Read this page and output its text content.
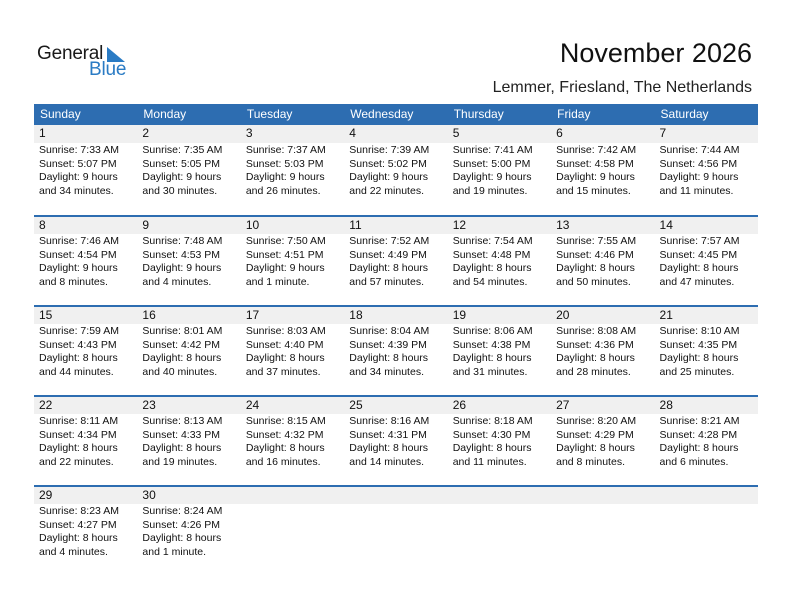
General
Blue
November 2026
Lemmer, Friesland, The Netherlands
Sunday	Monday	Tuesday	Wednesday	Thursday	Friday	Saturday
1	2	3	4	5	6	7
Sunrise: 7:33 AM
Sunset: 5:07 PM
Daylight: 9 hours
and 34 minutes.
Sunrise: 7:35 AM
Sunset: 5:05 PM
Daylight: 9 hours
and 30 minutes.
Sunrise: 7:37 AM
Sunset: 5:03 PM
Daylight: 9 hours
and 26 minutes.
Sunrise: 7:39 AM
Sunset: 5:02 PM
Daylight: 9 hours
and 22 minutes.
Sunrise: 7:41 AM
Sunset: 5:00 PM
Daylight: 9 hours
and 19 minutes.
Sunrise: 7:42 AM
Sunset: 4:58 PM
Daylight: 9 hours
and 15 minutes.
Sunrise: 7:44 AM
Sunset: 4:56 PM
Daylight: 9 hours
and 11 minutes.
8	9	10	11	12	13	14
Sunrise: 7:46 AM
Sunset: 4:54 PM
Daylight: 9 hours
and 8 minutes.
Sunrise: 7:48 AM
Sunset: 4:53 PM
Daylight: 9 hours
and 4 minutes.
Sunrise: 7:50 AM
Sunset: 4:51 PM
Daylight: 9 hours
and 1 minute.
Sunrise: 7:52 AM
Sunset: 4:49 PM
Daylight: 8 hours
and 57 minutes.
Sunrise: 7:54 AM
Sunset: 4:48 PM
Daylight: 8 hours
and 54 minutes.
Sunrise: 7:55 AM
Sunset: 4:46 PM
Daylight: 8 hours
and 50 minutes.
Sunrise: 7:57 AM
Sunset: 4:45 PM
Daylight: 8 hours
and 47 minutes.
15	16	17	18	19	20	21
Sunrise: 7:59 AM
Sunset: 4:43 PM
Daylight: 8 hours
and 44 minutes.
Sunrise: 8:01 AM
Sunset: 4:42 PM
Daylight: 8 hours
and 40 minutes.
Sunrise: 8:03 AM
Sunset: 4:40 PM
Daylight: 8 hours
and 37 minutes.
Sunrise: 8:04 AM
Sunset: 4:39 PM
Daylight: 8 hours
and 34 minutes.
Sunrise: 8:06 AM
Sunset: 4:38 PM
Daylight: 8 hours
and 31 minutes.
Sunrise: 8:08 AM
Sunset: 4:36 PM
Daylight: 8 hours
and 28 minutes.
Sunrise: 8:10 AM
Sunset: 4:35 PM
Daylight: 8 hours
and 25 minutes.
22	23	24	25	26	27	28
Sunrise: 8:11 AM
Sunset: 4:34 PM
Daylight: 8 hours
and 22 minutes.
Sunrise: 8:13 AM
Sunset: 4:33 PM
Daylight: 8 hours
and 19 minutes.
Sunrise: 8:15 AM
Sunset: 4:32 PM
Daylight: 8 hours
and 16 minutes.
Sunrise: 8:16 AM
Sunset: 4:31 PM
Daylight: 8 hours
and 14 minutes.
Sunrise: 8:18 AM
Sunset: 4:30 PM
Daylight: 8 hours
and 11 minutes.
Sunrise: 8:20 AM
Sunset: 4:29 PM
Daylight: 8 hours
and 8 minutes.
Sunrise: 8:21 AM
Sunset: 4:28 PM
Daylight: 8 hours
and 6 minutes.
29	30
Sunrise: 8:23 AM
Sunset: 4:27 PM
Daylight: 8 hours
and 4 minutes.
Sunrise: 8:24 AM
Sunset: 4:26 PM
Daylight: 8 hours
and 1 minute.
